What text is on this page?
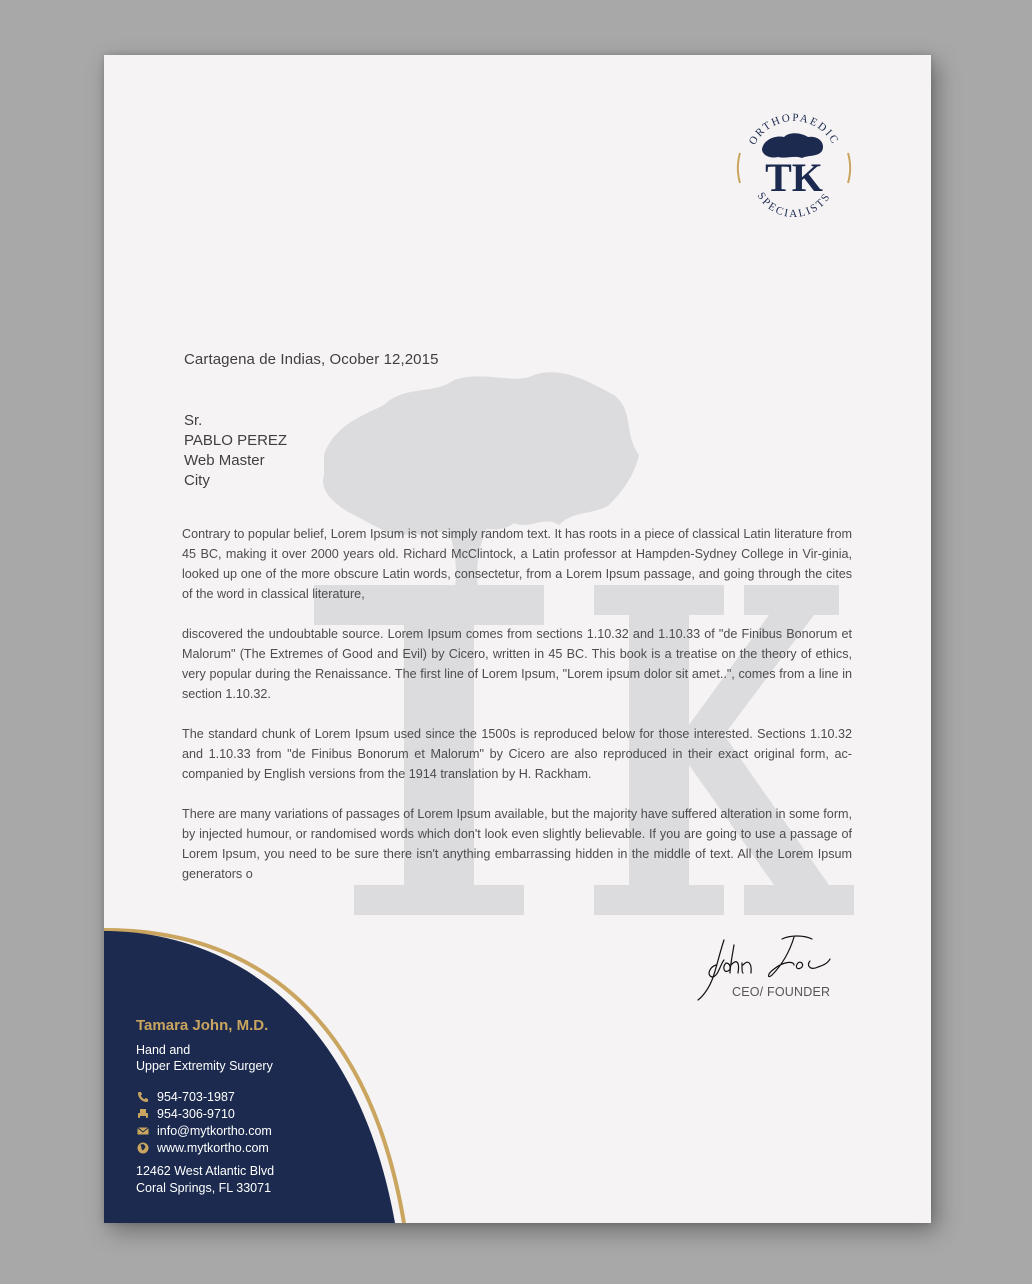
ORTHOPAEDIC
SPECIALISTS
TK
Cartagena de Indias, Ocober 12,2015
Sr.
PABLO PEREZ
Web Master
City

Contrary to popular belief, Lorem Ipsum is not simply random text. It has roots in a piece of classical Latin literature from 45 BC, making it over 2000 years old. Richard McClintock, a Latin professor at Hampden-Sydney College in Vir-ginia, looked up one of the more obscure Latin words, consectetur, from a Lorem Ipsum passage, and going through the cites of the word in classical literature,

discovered the undoubtable source. Lorem Ipsum comes from sections 1.10.32 and 1.10.33 of "de Finibus Bonorum et Malorum" (The Extremes of Good and Evil) by Cicero, written in 45 BC. This book is a treatise on the theory of ethics, very popular during the Renaissance. The first line of Lorem Ipsum, "Lorem ipsum dolor sit amet..", comes from a line in section 1.10.32.

The standard chunk of Lorem Ipsum used since the 1500s is reproduced below for those interested. Sections 1.10.32 and 1.10.33 from "de Finibus Bonorum et Malorum" by Cicero are also reproduced in their exact original form, ac-companied by English versions from the 1914 translation by H. Rackham.

There are many variations of passages of Lorem Ipsum available, but the majority have suffered alteration in some form, by injected humour, or randomised words which don't look even slightly believable. If you are going to use a passage of Lorem Ipsum, you need to be sure there isn't anything embarrassing hidden in the middle of text. All the Lorem Ipsum generators o

CEO/ FOUNDER
Tamara John, M.D.
Hand and
Upper Extremity Surgery
954-703-1987
954-306-9710
info@mytkortho.com
www.mytkortho.com
12462 West Atlantic Blvd
Coral Springs, FL 33071
